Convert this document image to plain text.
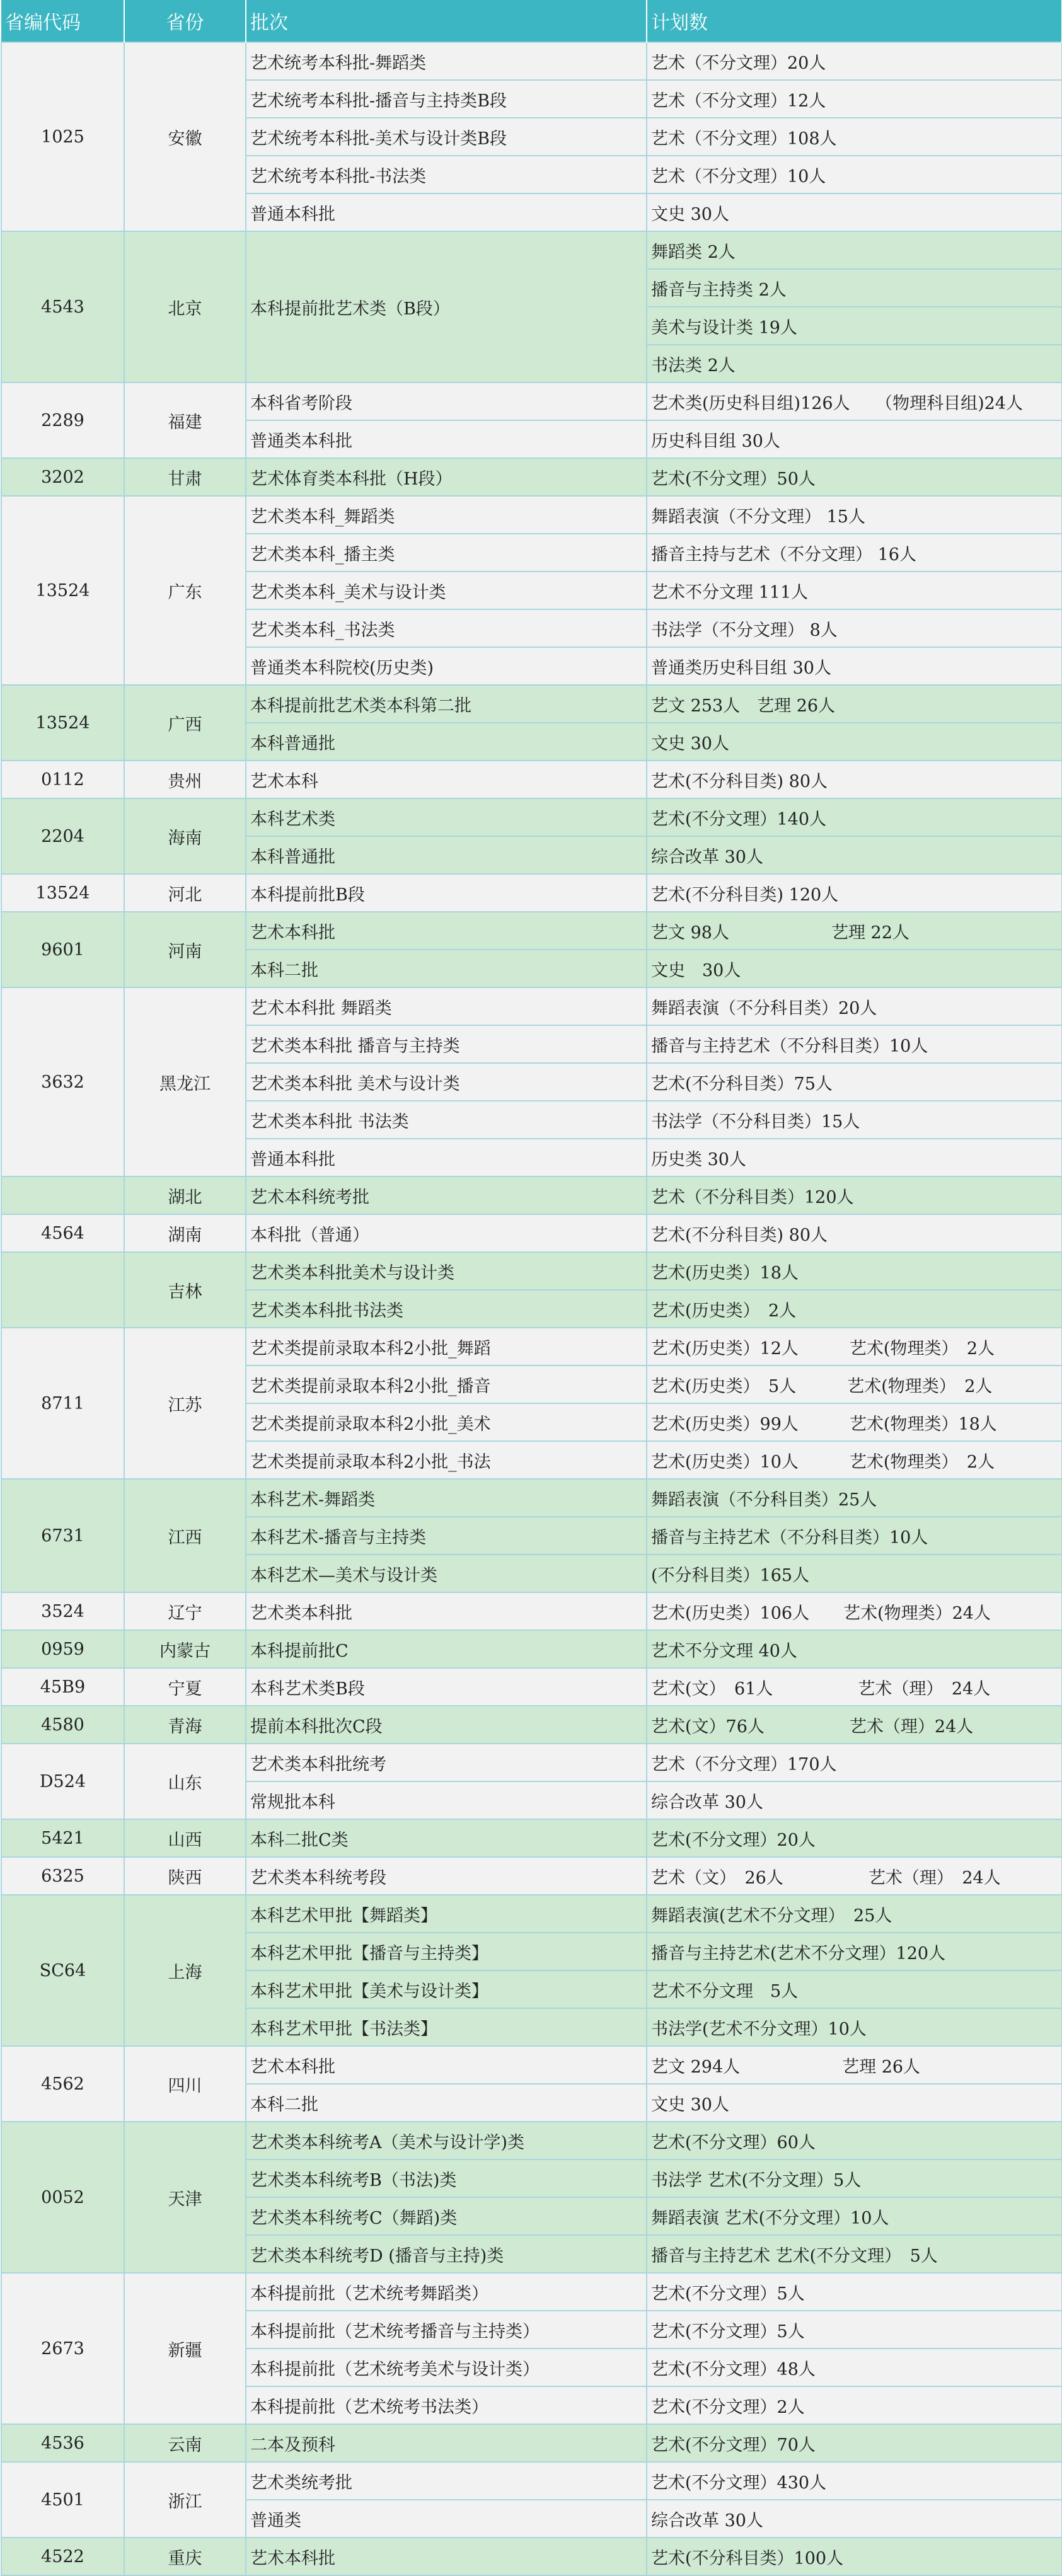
省编代码	省份	批次	计划数
1025	安徽	艺术统考本科批-舞蹈类	艺术（不分文理）20人
		艺术统考本科批-播音与主持类B段	艺术（不分文理）12人
		艺术统考本科批-美术与设计类B段	艺术（不分文理）108人
		艺术统考本科批-书法类	艺术（不分文理）10人
		普通本科批	文史 30人
4543	北京	本科提前批艺术类（B段）	舞蹈类 2人
			播音与主持类 2人
			美术与设计类 19人
			书法类 2人
2289	福建	本科省考阶段	艺术类(历史科目组)126人　　（物理科目组)24人
		普通类本科批	历史科目组 30人
3202	甘肃	艺术体育类本科批（H段）	艺术(不分文理）50人
13524	广东	艺术类本科_舞蹈类	舞蹈表演（不分文理） 15人
		艺术类本科_播主类	播音主持与艺术（不分文理） 16人
		艺术类本科_美术与设计类	艺术不分文理 111人
		艺术类本科_书法类	书法学（不分文理） 8人
		普通类本科院校(历史类)	普通类历史科目组 30人
13524	广西	本科提前批艺术类本科第二批	艺文 253人　艺理 26人
		本科普通批	文史 30人
0112	贵州	艺术本科	艺术(不分科目类) 80人
2204	海南	本科艺术类	艺术(不分文理）140人
		本科普通批	综合改革 30人
13524	河北	本科提前批B段	艺术(不分科目类) 120人
9601	河南	艺术本科批	艺文 98人　　　　　　艺理 22人
		本科二批	文史　30人
3632	黑龙江	艺术本科批 舞蹈类	舞蹈表演（不分科目类）20人
		艺术类本科批 播音与主持类	播音与主持艺术（不分科目类）10人
		艺术类本科批 美术与设计类	艺术(不分科目类）75人
		艺术类本科批 书法类	书法学（不分科目类）15人
		普通本科批	历史类 30人
	湖北	艺术本科统考批	艺术（不分科目类）120人
4564	湖南	本科批（普通）	艺术(不分科目类) 80人
	吉林	艺术类本科批美术与设计类	艺术(历史类）18人
		艺术类本科批书法类	艺术(历史类）　2人
8711	江苏	艺术类提前录取本科2小批_舞蹈	艺术(历史类）12人　　　艺术(物理类）　2人
		艺术类提前录取本科2小批_播音	艺术(历史类）　5人　　　艺术(物理类）　2人
		艺术类提前录取本科2小批_美术	艺术(历史类）99人　　　艺术(物理类）18人
		艺术类提前录取本科2小批_书法	艺术(历史类）10人　　　艺术(物理类）　2人
6731	江西	本科艺术-舞蹈类	舞蹈表演（不分科目类）25人
		本科艺术-播音与主持类	播音与主持艺术（不分科目类）10人
		本科艺术—美术与设计类	(不分科目类）165人
3524	辽宁	艺术类本科批	艺术(历史类）106人　　艺术(物理类）24人
0959	内蒙古	本科提前批C	艺术不分文理 40人
45B9	宁夏	本科艺术类B段	艺术(文）　61人　　　　　艺术（理）　24人
4580	青海	提前本科批次C段	艺术(文）76人　　　　　艺术（理）24人
D524	山东	艺术类本科批统考	艺术（不分文理）170人
		常规批本科	综合改革 30人
5421	山西	本科二批C类	艺术(不分文理）20人
6325	陕西	艺术类本科统考段	艺术（文）　26人　　　　　艺术（理）　24人
SC64	上海	本科艺术甲批【舞蹈类】	舞蹈表演(艺术不分文理）　25人
		本科艺术甲批【播音与主持类】	播音与主持艺术(艺术不分文理）120人
		本科艺术甲批【美术与设计类】	艺术不分文理　5人
		本科艺术甲批【书法类】	书法学(艺术不分文理）10人
4562	四川	艺术本科批	艺文 294人　　　　　　艺理 26人
		本科二批	文史 30人
0052	天津	艺术类本科统考A（美术与设计学)类	艺术(不分文理）60人
		艺术类本科统考B（书法)类	书法学 艺术(不分文理）5人
		艺术类本科统考C（舞蹈)类	舞蹈表演 艺术(不分文理）10人
		艺术类本科统考D (播音与主持)类	播音与主持艺术 艺术(不分文理）　5人
2673	新疆	本科提前批（艺术统考舞蹈类）	艺术(不分文理）5人
		本科提前批（艺术统考播音与主持类）	艺术(不分文理）5人
		本科提前批（艺术统考美术与设计类）	艺术(不分文理）48人
		本科提前批（艺术统考书法类）	艺术(不分文理）2人
4536	云南	二本及预科	艺术(不分文理）70人
4501	浙江	艺术类统考批	艺术(不分文理）430人
		普通类	综合改革 30人
4522	重庆	艺术本科批	艺术(不分科目类）100人
